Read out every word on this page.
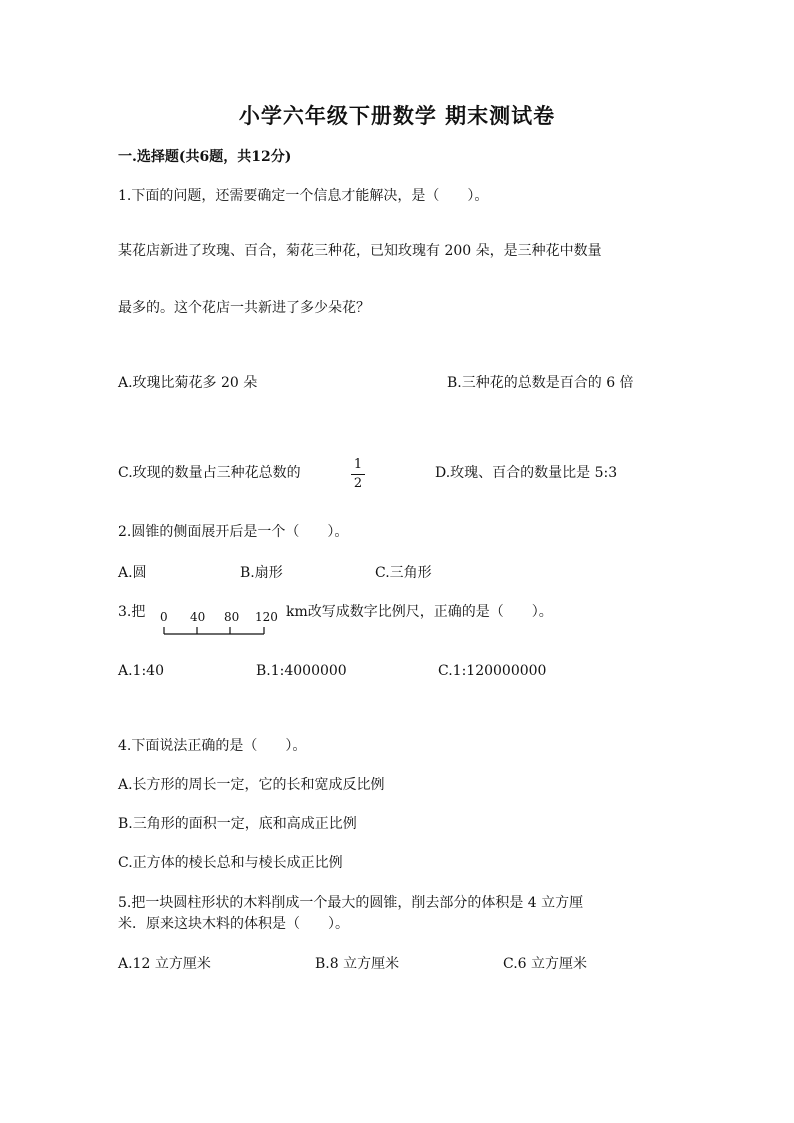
小学六年级下册数学 期末测试卷
一.选择题(共6题，共12分)
1.下面的问题，还需要确定一个信息才能解决，是（　　）。
某花店新进了玫瑰、百合，菊花三种花，已知玫瑰有 200 朵，是三种花中数量
最多的。这个花店一共新进了多少朵花？
A.玫瑰比菊花多 20 朵	B.三种花的总数是百合的 6 倍
C.玫现的数量占三种花总数的
1
2
D.玫瑰、百合的数量比是 5:3
2.圆锥的侧面展开后是一个（　　）。
A.圆	B.扇形	C.三角形
3.把 0 40 80 120 km改写成数字比例尺，正确的是（　　）。
A.1:40	B.1:4000000	C.1:120000000
4.下面说法正确的是（　　）。
A.长方形的周长一定，它的长和宽成反比例
B.三角形的面积一定，底和高成正比例
C.正方体的棱长总和与棱长成正比例
5.把一块圆柱形状的木料削成一个最大的圆锥，削去部分的体积是 4 立方厘
米．原来这块木料的体积是（　　）。
A.12 立方厘米	B.8 立方厘米	C.6 立方厘米
